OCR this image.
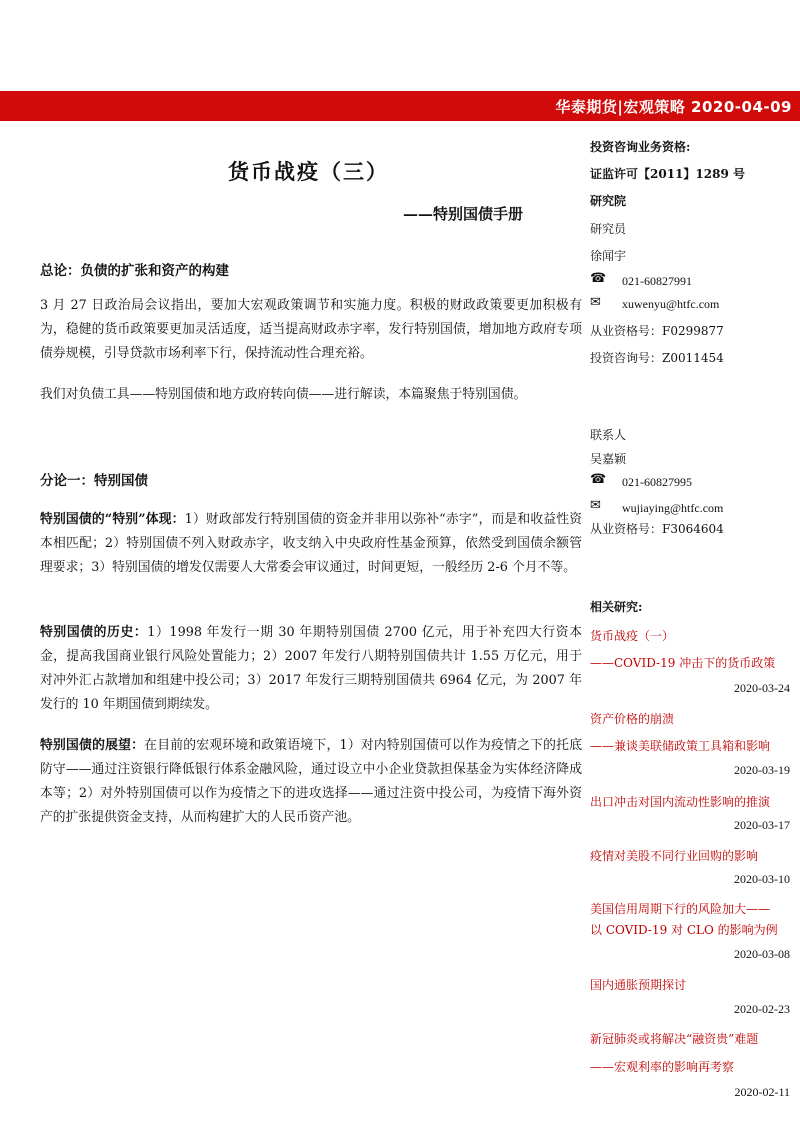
华泰期货|宏观策略 2020-04-09
货币战疫（三）
——特别国债手册
总论：负债的扩张和资产的构建
3 月 27 日政治局会议指出，要加大宏观政策调节和实施力度。积极的财政政策要更加积极有为，稳健的货币政策要更加灵活适度，适当提高财政赤字率，发行特别国债，增加地方政府专项债券规模，引导贷款市场利率下行，保持流动性合理充裕。
我们对负债工具——特别国债和地方政府转向债——进行解读，本篇聚焦于特别国债。
分论一：特别国债
特别国债的“特别”体现：1）财政部发行特别国债的资金并非用以弥补“赤字”，而是和收益性资本相匹配；2）特别国债不列入财政赤字，收支纳入中央政府性基金预算，依然受到国债余额管理要求；3）特别国债的增发仅需要人大常委会审议通过，时间更短，一般经历 2-6 个月不等。
特别国债的历史：1）1998 年发行一期 30 年期特别国债 2700 亿元，用于补充四大行资本金，提高我国商业银行风险处置能力；2）2007 年发行八期特别国债共计 1.55 万亿元，用于对冲外汇占款增加和组建中投公司；3）2017 年发行三期特别国债共 6964 亿元，为 2007 年发行的 10 年期国债到期续发。
特别国债的展望：在目前的宏观环境和政策语境下，1）对内特别国债可以作为疫情之下的托底防守——通过注资银行降低银行体系金融风险，通过设立中小企业贷款担保基金为实体经济降成本等；2）对外特别国债可以作为疫情之下的进攻选择——通过注资中投公司，为疫情下海外资产的扩张提供资金支持，从而构建扩大的人民币资产池。
投资咨询业务资格:
证监许可【2011】1289 号
研究院
研究员
徐闻宇
☎ 021-60827991
✉ xuwenyu@htfc.com
从业资格号：F0299877
投资咨询号：Z0011454
联系人
吴嘉颖
☎ 021-60827995
✉ wujiaying@htfc.com
从业资格号：F3064604
相关研究:
货币战疫（一）
——COVID-19 冲击下的货币政策
2020-03-24
资产价格的崩溃
——兼谈美联储政策工具箱和影响
2020-03-19
出口冲击对国内流动性影响的推演
2020-03-17
疫情对美股不同行业回购的影响
2020-03-10
美国信用周期下行的风险加大——
以 COVID-19 对 CLO 的影响为例
2020-03-08
国内通胀预期探讨
2020-02-23
新冠肺炎或将解决“融资贵”难题
——宏观利率的影响再考察
2020-02-11
